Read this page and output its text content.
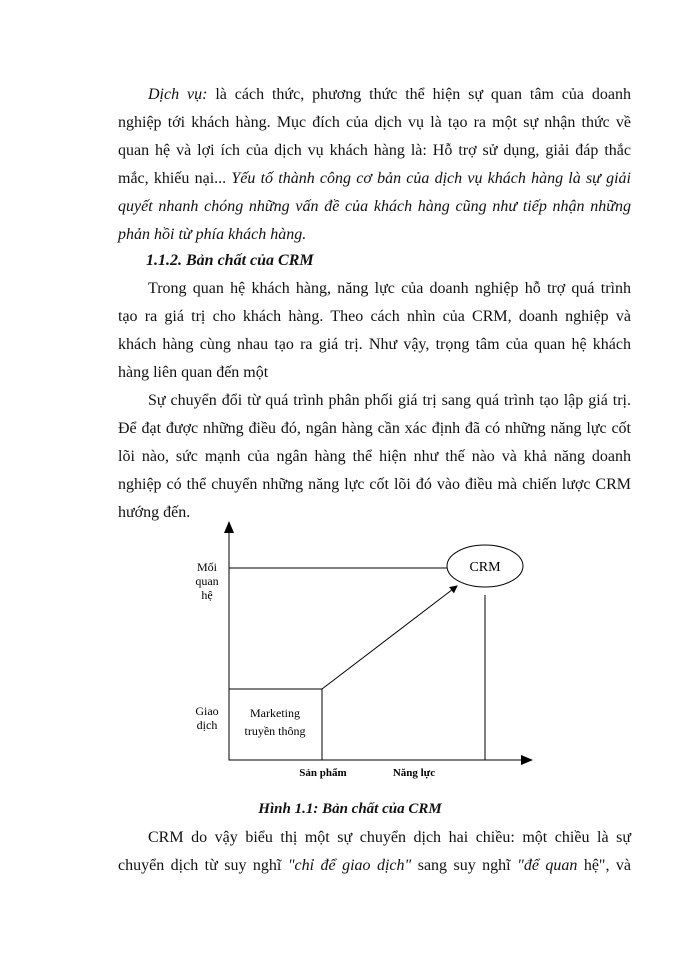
Dịch vụ: là cách thức, phương thức thể hiện sự quan tâm của doanh
nghiệp tới khách hàng. Mục đích của dịch vụ là tạo ra một sự nhận thức về
quan hệ và lợi ích của dịch vụ khách hàng là: Hỗ trợ sử dụng, giải đáp thắc
mắc, khiếu nại... Yếu tố thành công cơ bản của dịch vụ khách hàng là sự giải
quyết nhanh chóng những vấn đề của khách hàng cũng như tiếp nhận những
phản hồi từ phía khách hàng.
1.1.2. Bản chất của CRM
Trong quan hệ khách hàng, năng lực của doanh nghiệp hỗ trợ quá trình
tạo ra giá trị cho khách hàng. Theo cách nhìn của CRM, doanh nghiệp và
khách hàng cùng nhau tạo ra giá trị. Như vậy, trọng tâm của quan hệ khách
hàng liên quan đến một
Sự chuyển đổi từ quá trình phân phối giá trị sang quá trình tạo lập giá trị.
Để đạt được những điều đó, ngân hàng cần xác định đã có những năng lực cốt
lõi nào, sức mạnh của ngân hàng thể hiện như thế nào và khả năng doanh
nghiệp có thể chuyển những năng lực cốt lõi đó vào điều mà chiến lược CRM
hướng đến.
CRM
Mối
quan
hệ
Giao
dịch
Marketing
truyền thông
Sản phẩm	Năng lực
Hình 1.1: Bản chất của CRM
CRM do vậy biểu thị một sự chuyển dịch hai chiều: một chiều là sự
chuyển dịch từ suy nghĩ "chỉ để giao dịch" sang suy nghĩ "để quan hệ", và
